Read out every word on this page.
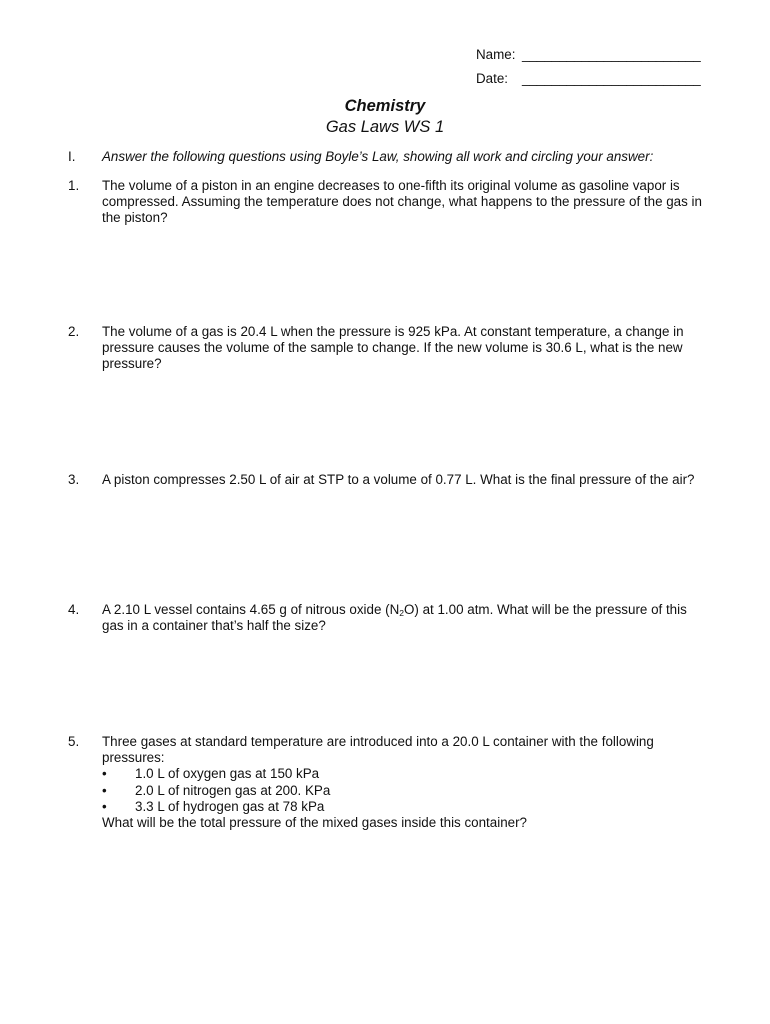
Name: ________________________
Date: ________________________
Chemistry
Gas Laws WS 1
I. Answer the following questions using Boyle’s Law, showing all work and circling your answer:
1. The volume of a piston in an engine decreases to one-fifth its original volume as gasoline vapor is compressed. Assuming the temperature does not change, what happens to the pressure of the gas in the piston?
2. The volume of a gas is 20.4 L when the pressure is 925 kPa. At constant temperature, a change in pressure causes the volume of the sample to change. If the new volume is 30.6 L, what is the new pressure?
3. A piston compresses 2.50 L of air at STP to a volume of 0.77 L. What is the final pressure of the air?
4. A 2.10 L vessel contains 4.65 g of nitrous oxide $(N_2O)$ at 1.00 atm. What will be the pressure of this gas in a container that’s half the size?
5. Three gases at standard temperature are introduced into a 20.0 L container with the following pressures:
• 1.0 L of oxygen gas at 150 kPa
• 2.0 L of nitrogen gas at 200. KPa
• 3.3 L of hydrogen gas at 78 kPa
What will be the total pressure of the mixed gases inside this container?
